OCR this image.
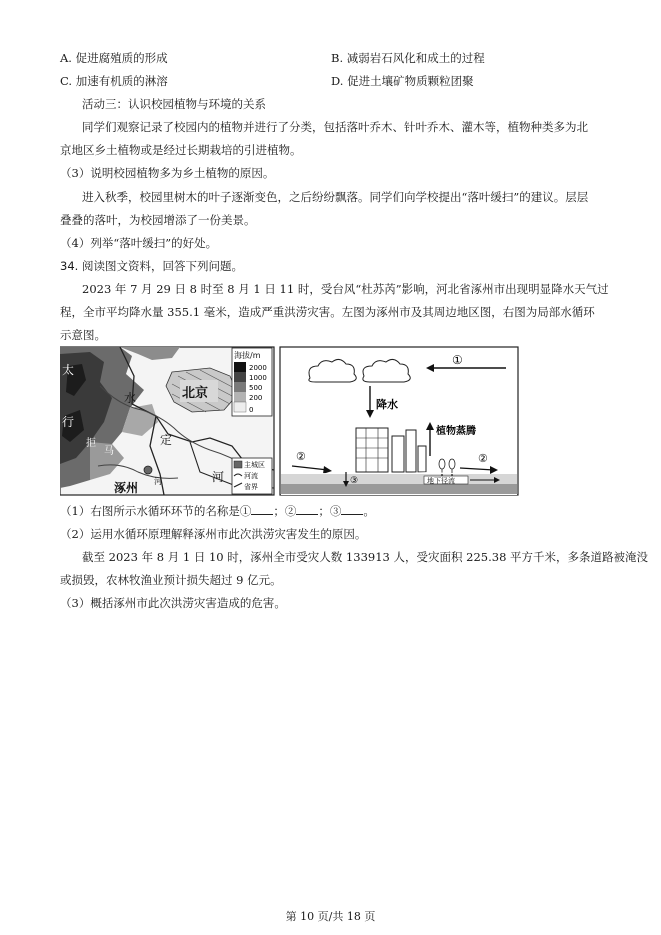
A. 促进腐殖质的形成	B. 减弱岩石风化和成土的过程
C. 加速有机质的淋溶	D. 促进土壤矿物质颗粒团聚
活动三：认识校园植物与环境的关系
同学们观察记录了校园内的植物并进行了分类，包括落叶乔木、针叶乔木、灌木等，植物种类多为北
京地区乡土植物或是经过长期栽培的引进植物。
（3）说明校园植物多为乡土植物的原因。
进入秋季，校园里树木的叶子逐渐变色，之后纷纷飘落。同学们向学校提出“落叶缓扫”的建议。层层
叠叠的落叶，为校园增添了一份美景。
（4）列举“落叶缓扫”的好处。
34. 阅读图文资料，回答下列问题。
2023 年 7 月 29 日 8 时至 8 月 1 日 11 时，受台风“杜苏芮”影响，河北省涿州市出现明显降水天气过
程，全市平均降水量 355.1 毫米，造成严重洪涝灾害。左图为涿州市及其周边地区图，右图为局部水循环
示意图。
海拔/m
2000
1000
500
200
0
主城区
河流
省界
北京
水
定
河
涿州 河
拒
马
太
行
①
降水
植物蒸腾
②	②
③	地下径流
（1）右图所示水循环环节的名称是① ；② ；③ 。
（2）运用水循环原理解释涿州市此次洪涝灾害发生的原因。
截至 2023 年 8 月 1 日 10 时，涿州全市受灾人数 133913 人，受灾面积 225.38 平方千米，多条道路被淹没
或损毁，农林牧渔业预计损失超过 9 亿元。
（3）概括涿州市此次洪涝灾害造成的危害。
第 10 页/共 18 页
